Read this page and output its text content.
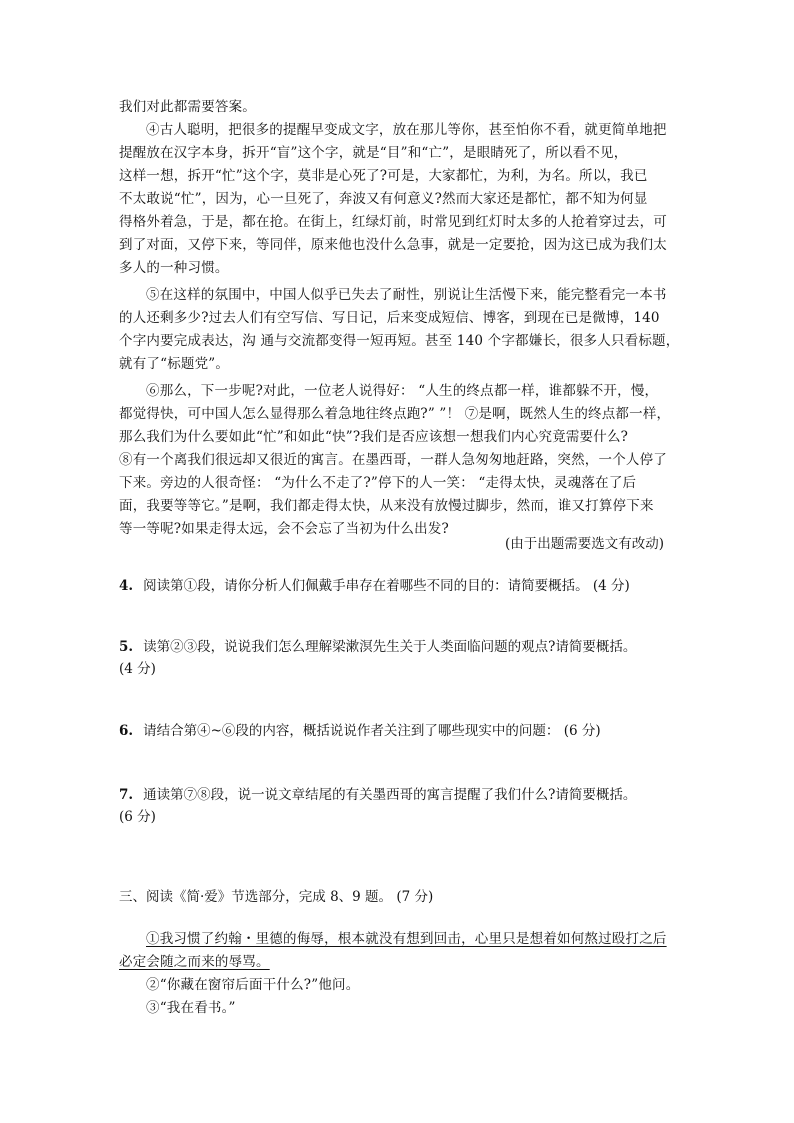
我们对此都需要答案。
④古人聪明，把很多的提醒早变成文字，放在那儿等你，甚至怕你不看，就更简单地把
提醒放在汉字本身，拆开“盲”这个字，就是“目”和“亡”，是眼睛死了，所以看不见，
这样一想，拆开“忙”这个字，莫非是心死了?可是，大家都忙，为利，为名。所以，我已
不太敢说“忙”，因为，心一旦死了，奔波又有何意义?然而大家还是都忙，都不知为何显
得格外着急，于是，都在抢。在街上，红绿灯前，时常见到红灯时太多的人抢着穿过去，可
到了对面，又停下来，等同伴，原来他也没什么急事，就是一定要抢，因为这已成为我们太
多人的一种习惯。
⑤在这样的氛围中，中国人似乎已失去了耐性，别说让生活慢下来，能完整看完一本书
的人还剩多少?过去人们有空写信、写日记，后来变成短信、博客，到现在已是微博，140
个字内要完成表达，沟 通与交流都变得一短再短。甚至 140 个字都嫌长，很多人只看标题，
就有了“标题党”。
⑥那么，下一步呢?对此，一位老人说得好： “人生的终点都一样，谁都躲不开，慢，
都觉得快，可中国人怎么显得那么着急地往终点跑?” ”！ ⑦是啊，既然人生的终点都一样，
那么我们为什么要如此“忙”和如此“快”?我们是否应该想一想我们内心究竟需要什么?
⑧有一个离我们很远却又很近的寓言。在墨西哥，一群人急匆匆地赶路，突然，一个人停了
下来。旁边的人很奇怪： “为什么不走了?”停下的人一笑： “走得太快，灵魂落在了后
面，我要等等它。”是啊，我们都走得太快，从来没有放慢过脚步，然而，谁又打算停下来
等一等呢?如果走得太远，会不会忘了当初为什么出发?
(由于出题需要选文有改动)
4. 阅读第①段，请你分析人们佩戴手串存在着哪些不同的目的：请简要概括。 (4 分)
5. 读第②③段，说说我们怎么理解梁漱溟先生关于人类面临问题的观点?请简要概括。
(4 分)
6. 请结合第④~⑥段的内容，概括说说作者关注到了哪些现实中的问题： (6 分)
7. 通读第⑦⑧段，说一说文章结尾的有关墨西哥的寓言提醒了我们什么?请简要概括。
(6 分)
三、阅读《简·爱》节选部分，完成 8、9 题。 (7 分)
①我习惯了约翰・里德的侮辱，根本就没有想到回击，心里只是想着如何熬过殴打之后
必定会随之而来的辱骂。
②“你藏在窗帘后面干什么?”他问。
③“我在看书。”
